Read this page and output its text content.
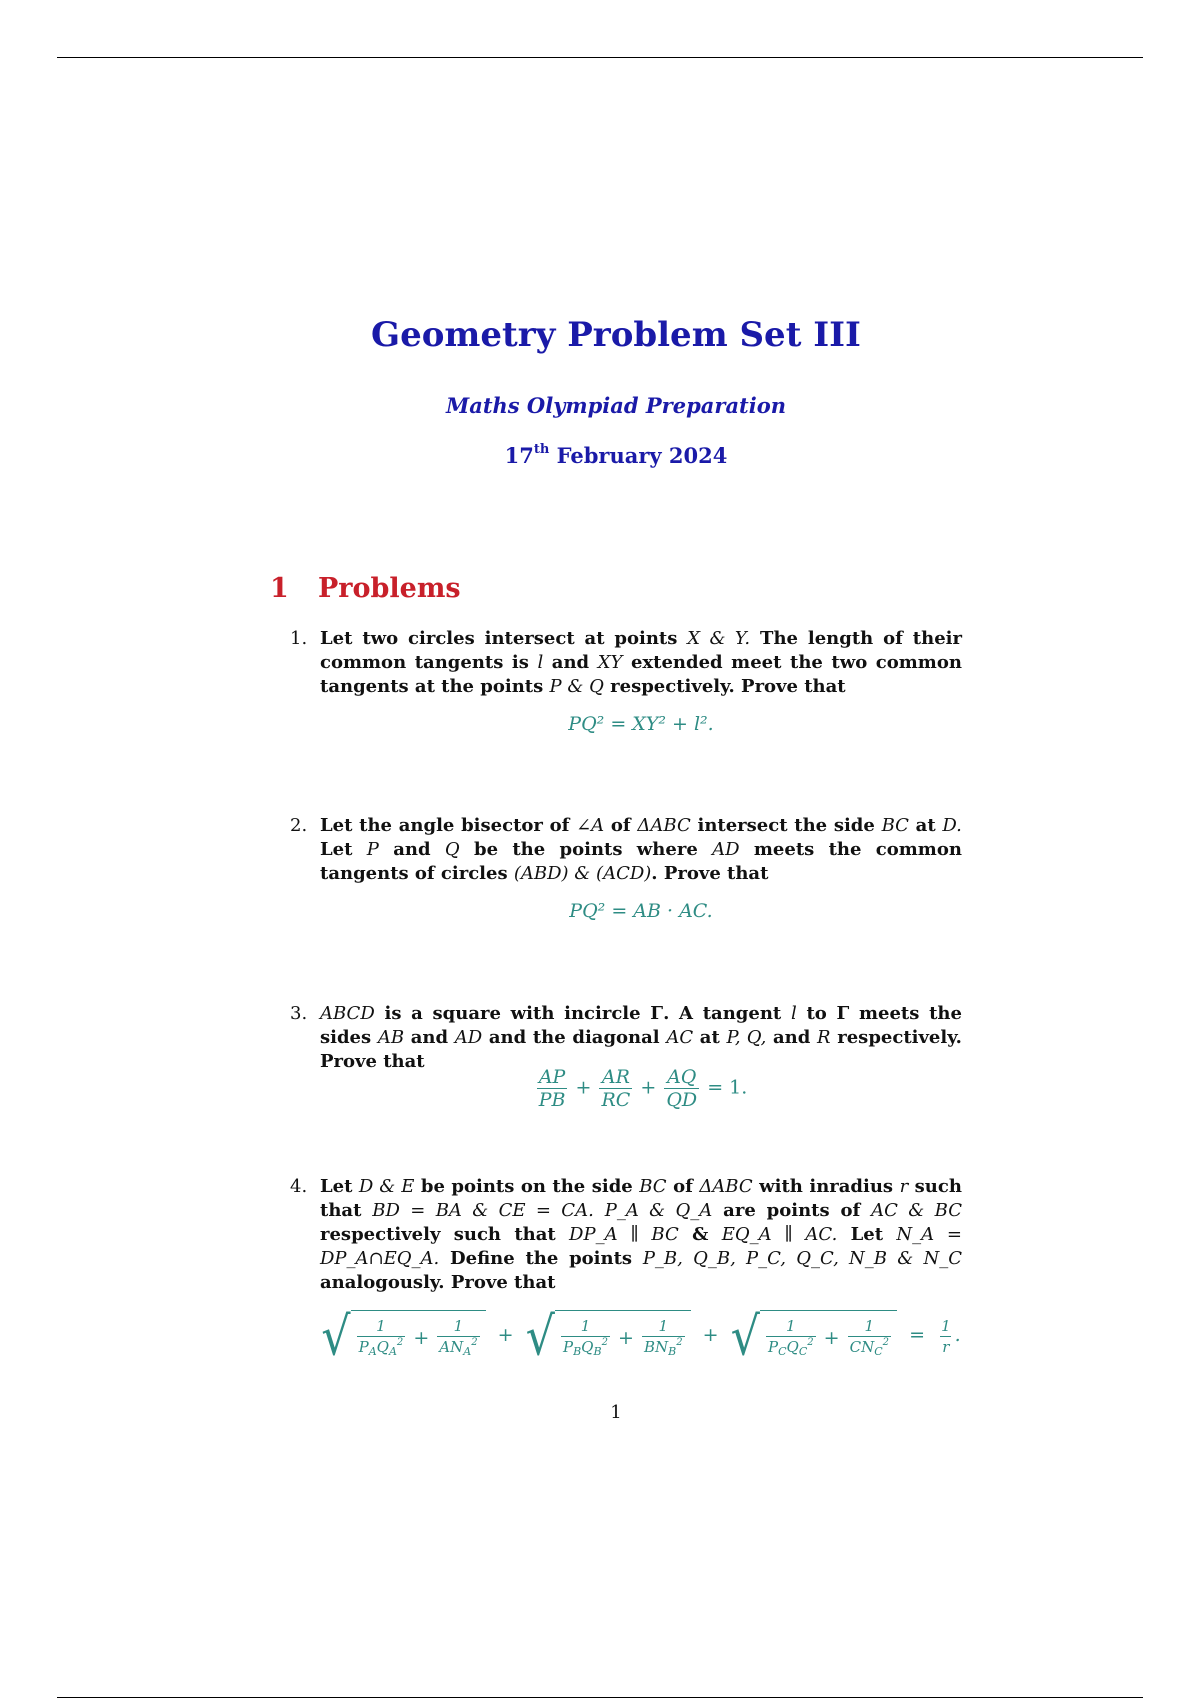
Geometry Problem Set III
Maths Olympiad Preparation
17th February 2024
1 Problems
1. Let two circles intersect at points X & Y. The length of their common tangents is l and XY extended meet the two common tangents at the points P & Q respectively. Prove that
PQ² = XY² + l².
2. Let the angle bisector of ∠A of ΔABC intersect the side BC at D. Let P and Q be the points where AD meets the common tangents of circles (ABD) & (ACD). Prove that
PQ² = AB · AC.
3. ABCD is a square with incircle Γ. A tangent l to Γ meets the sides AB and AD and the diagonal AC at P, Q, and R respectively. Prove that
$\frac{AP}{PB} + \frac{AR}{RC} + \frac{AQ}{QD} = 1$.
4. Let D & E be points on the side BC of ΔABC with inradius r such that BD = BA & CE = CA. P_A & Q_A are points of AC & BC respectively such that DP_A ∥ BC & EQ_A ∥ AC. Let N_A = DP_A∩EQ_A. Define the points P_B, Q_B, P_C, Q_C, N_B & N_C analogously. Prove that
√ $\frac{1}{P_AQ_A^2} + \frac{1}{AN_A^2}$ + √ $\frac{1}{P_BQ_B^2} + \frac{1}{BN_B^2}$ + √ $\frac{1}{P_CQ_C^2} + \frac{1}{CN_C^2} = \frac{1}{r}$ .
1
